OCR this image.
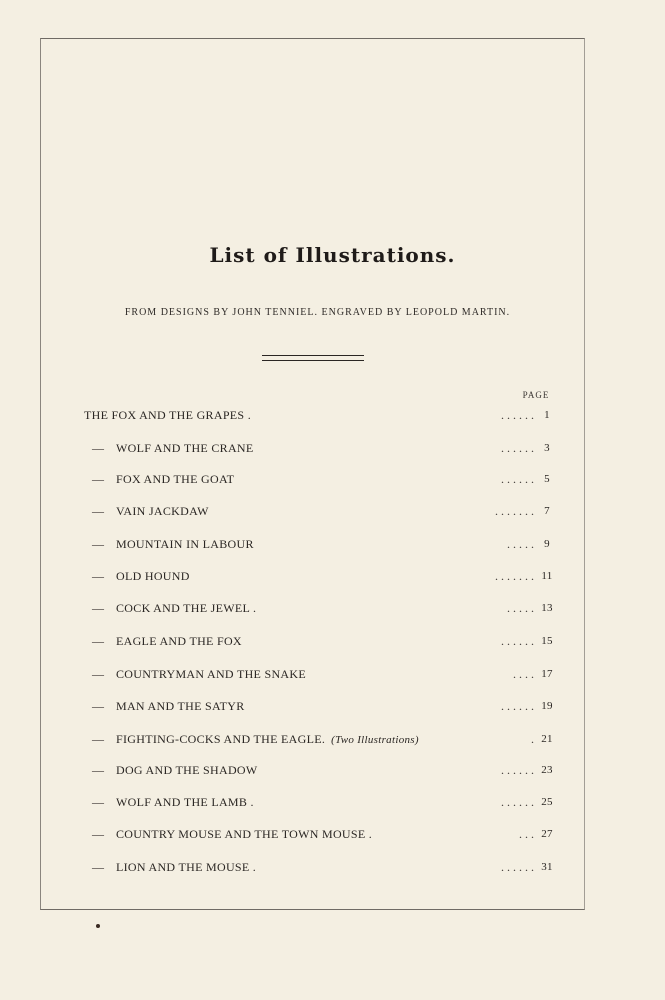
List of Illustrations.
FROM DESIGNS BY JOHN TENNIEL. ENGRAVED BY LEOPOLD MARTIN.
PAGE
THE FOX AND THE GRAPES .	. . . . . . 1
— WOLF AND THE CRANE	. . . . . . 3
— FOX AND THE GOAT	. . . . . . 5
— VAIN JACKDAW	. . . . . . . 7
— MOUNTAIN IN LABOUR	. . . . . 9
— OLD HOUND	. . . . . . . 11
— COCK AND THE JEWEL .	. . . . . 13
— EAGLE AND THE FOX	. . . . . . 15
— COUNTRYMAN AND THE SNAKE	. . . . 17
— MAN AND THE SATYR	. . . . . . 19
— FIGHTING-COCKS AND THE EAGLE. (Two Illustrations)	. 21
— DOG AND THE SHADOW	. . . . . . 23
— WOLF AND THE LAMB .	. . . . . . 25
— COUNTRY MOUSE AND THE TOWN MOUSE .	. . . 27
— LION AND THE MOUSE .	. . . . . . 31
